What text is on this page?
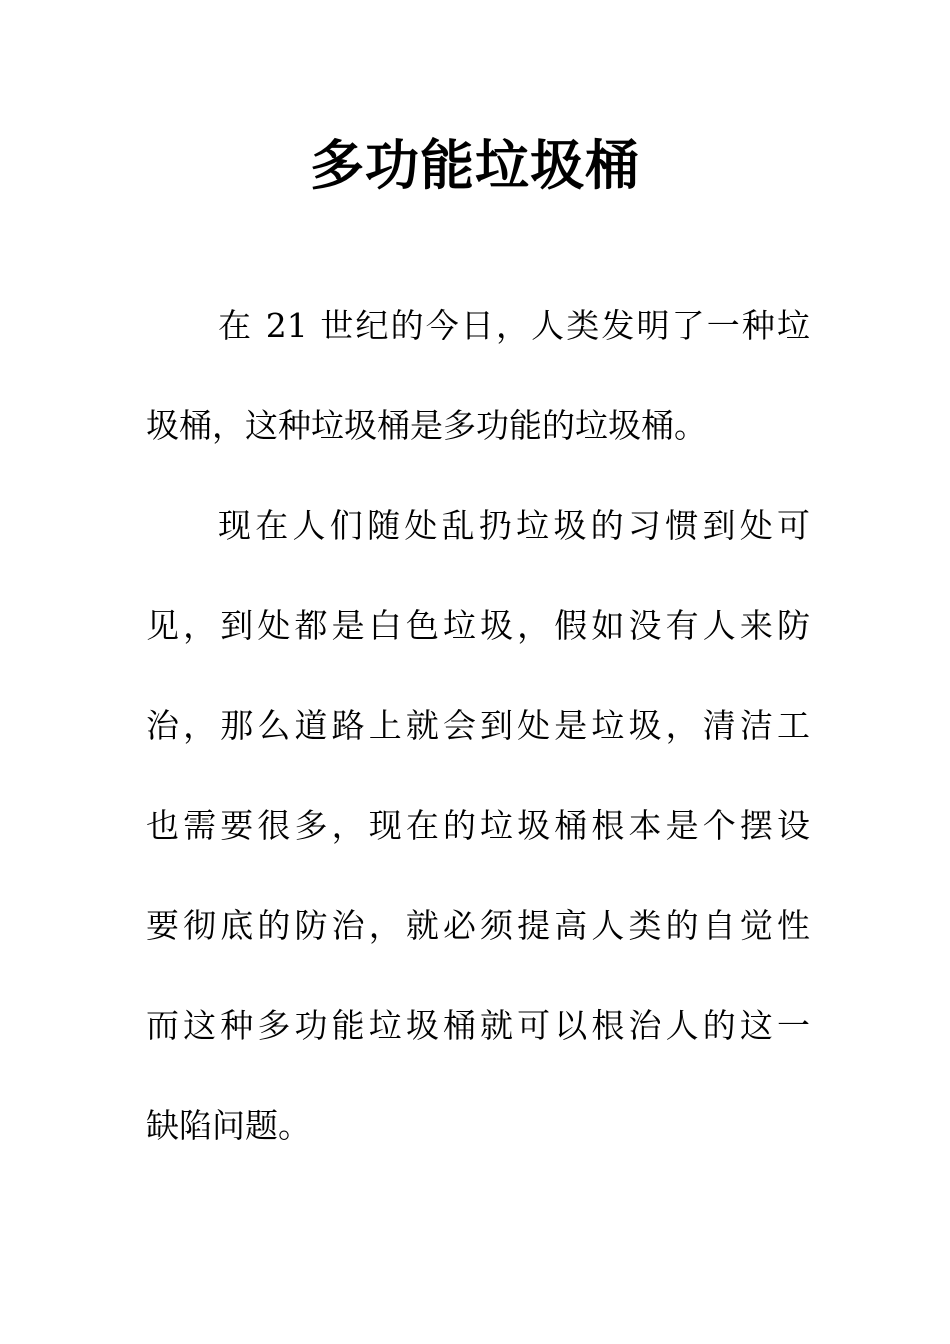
多功能垃圾桶
在 21 世纪的今日，人类发明了一种垃
圾桶，这种垃圾桶是多功能的垃圾桶。
现在人们随处乱扔垃圾的习惯到处可
见，到处都是白色垃圾，假如没有人来防
治，那么道路上就会到处是垃圾，清洁工
也需要很多，现在的垃圾桶根本是个摆设
要彻底的防治，就必须提高人类的自觉性
而这种多功能垃圾桶就可以根治人的这一
缺陷问题。
